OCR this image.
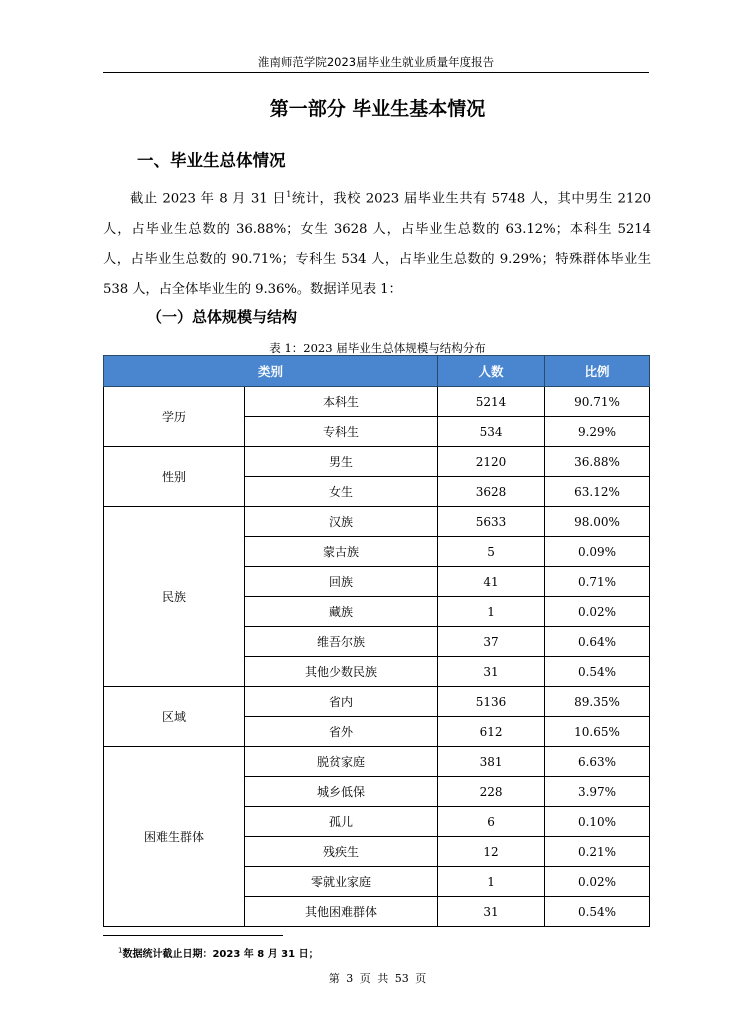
淮南师范学院2023届毕业生就业质量年度报告
第一部分 毕业生基本情况
一、毕业生总体情况
截止 2023 年 8 月 31 日$^1$统计，我校 2023 届毕业生共有 5748 人，其中男生 2120 人，占毕业生总数的 36.88%；女生 3628 人，占毕业生总数的 63.12%；本科生 5214 人，占毕业生总数的 90.71%；专科生 534 人，占毕业生总数的 9.29%；特殊群体毕业生 538 人，占全体毕业生的 9.36%。数据详见表 1：
（一）总体规模与结构
表 1：2023 届毕业生总体规模与结构分布
类别		人数	比例
学历	本科生	5214	90.71%
	专科生	534	9.29%
性别	男生	2120	36.88%
	女生	3628	63.12%
民族	汉族	5633	98.00%
	蒙古族	5	0.09%
	回族	41	0.71%
	藏族	1	0.02%
	维吾尔族	37	0.64%
	其他少数民族	31	0.54%
区域	省内	5136	89.35%
	省外	612	10.65%
困难生群体	脱贫家庭	381	6.63%
	城乡低保	228	3.97%
	孤儿	6	0.10%
	残疾生	12	0.21%
	零就业家庭	1	0.02%
	其他困难群体	31	0.54%
$^1$数据统计截止日期：2023 年 8 月 31 日；
第 3 页 共 53 页
